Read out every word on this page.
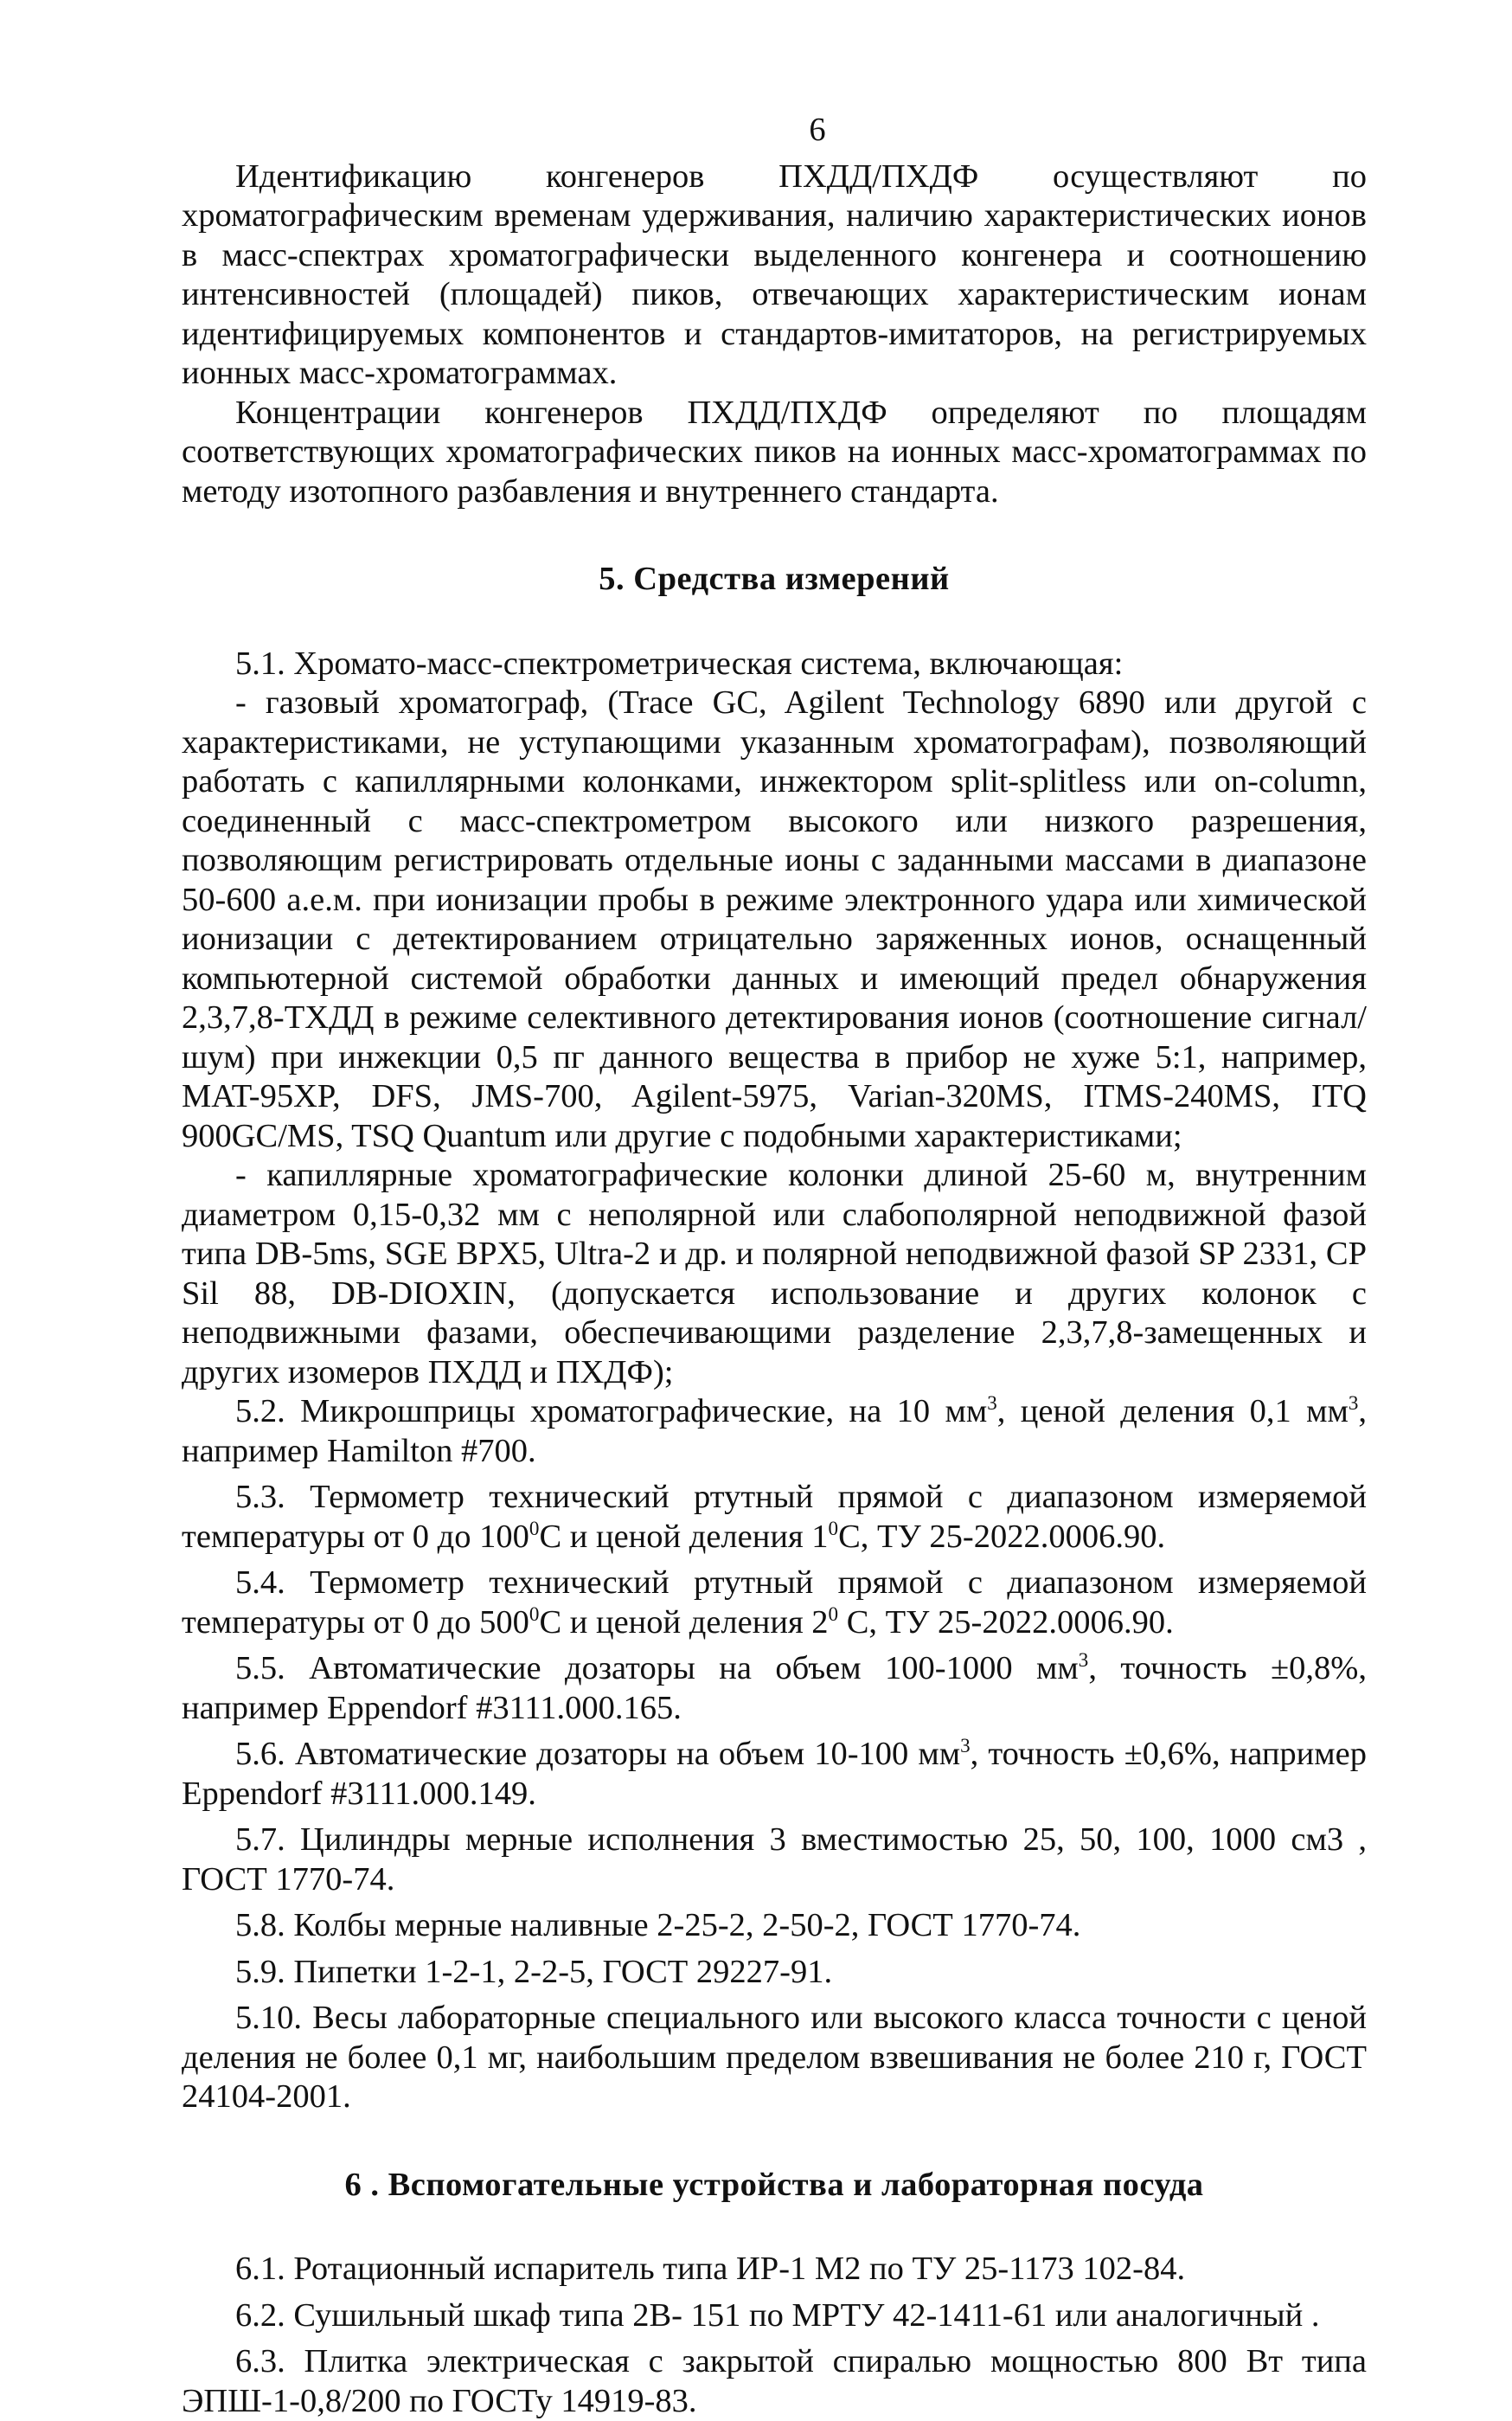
6

Идентификацию конгенеров ПХДД/ПХДФ осуществляют по хроматографическим временам удерживания, наличию характеристических ионов в масс-спектрах хроматографически выделенного конгенера и соотношению интенсивностей (площадей) пиков, отвечающих характеристическим ионам идентифицируемых компонентов и стандартов-имитаторов, на регистрируемых ионных масс-хроматограммах.

Концентрации конгенеров ПХДД/ПХДФ определяют по площадям соответствующих хроматографических пиков на ионных масс-хроматограммах по методу изотопного разбавления и внутреннего стандарта.

5. Средства измерений

5.1. Хромато-масс-спектрометрическая система, включающая:

- газовый хроматограф, (Trace GC, Agilent Technology 6890 или другой с характеристиками, не уступающими указанным хроматографам), позволяющий работать с капиллярными колонками, инжектором split-splitless или on-column, соединенный с масс-спектрометром высокого или низкого разрешения, позволяющим регистрировать отдельные ионы с заданными массами в диапазоне 50-600 а.е.м. при ионизации пробы в режиме электронного удара или химической ионизации с детектированием отрицательно заряженных ионов, оснащенный компьютерной системой обработки данных и имеющий предел обнаружения 2,3,7,8-ТХДД в режиме селективного детектирования ионов (соотношение сигнал/шум) при инжекции 0,5 пг данного вещества в прибор не хуже 5:1, например, MAT-95XP, DFS, JMS-700, Agilent-5975, Varian-320MS, ITMS-240MS, ITQ 900GC/MS, TSQ Quantum или другие с подобными характеристиками;

- капиллярные хроматографические колонки длиной 25-60 м, внутренним диаметром 0,15-0,32 мм с неполярной или слабополярной неподвижной фазой типа DB-5ms, SGE BPX5, Ultra-2 и др. и полярной неподвижной фазой SP 2331, CP Sil 88, DB-DIOXIN, (допускается использование и других колонок с неподвижными фазами, обеспечивающими разделение 2,3,7,8-замещенных и других изомеров ПХДД и ПХДФ);

5.2. Микрошприцы хроматографические, на 10 $мм^3$, ценой деления 0,1 $мм^3$, например Hamilton #700.

5.3. Термометр технический ртутный прямой с диапазоном измеряемой температуры от 0 до $100^0С$ и ценой деления $1^0С$, ТУ 25-2022.0006.90.

5.4. Термометр технический ртутный прямой с диапазоном измеряемой температуры от 0 до $500^0С$ и ценой деления $2^0$ С, ТУ 25-2022.0006.90.

5.5. Автоматические дозаторы на объем 100-1000 $мм^3$, точность ±0,8%, например Eppendorf #3111.000.165.

5.6. Автоматические дозаторы на объем 10-100 $мм^3$, точность ±0,6%, например Eppendorf #3111.000.149.

5.7. Цилиндры мерные исполнения 3 вместимостью 25, 50, 100, 1000 см3 , ГОСТ 1770-74.

5.8. Колбы мерные наливные 2-25-2, 2-50-2, ГОСТ 1770-74.

5.9. Пипетки 1-2-1, 2-2-5, ГОСТ 29227-91.

5.10. Весы лабораторные специального или высокого класса точности с ценой деления не более 0,1 мг, наибольшим пределом взвешивания не более 210 г, ГОСТ 24104-2001.

6 . Вспомогательные устройства и лабораторная посуда

6.1. Ротационный испаритель типа ИР-1 М2 по ТУ 25-1173 102-84.

6.2. Сушильный шкаф типа 2В- 151 по МРТУ 42-1411-61 или аналогичный .

6.3. Плитка электрическая с закрытой спиралью мощностью 800 Вт типа ЭПШ-1-0,8/200 по ГОСТу 14919-83.
